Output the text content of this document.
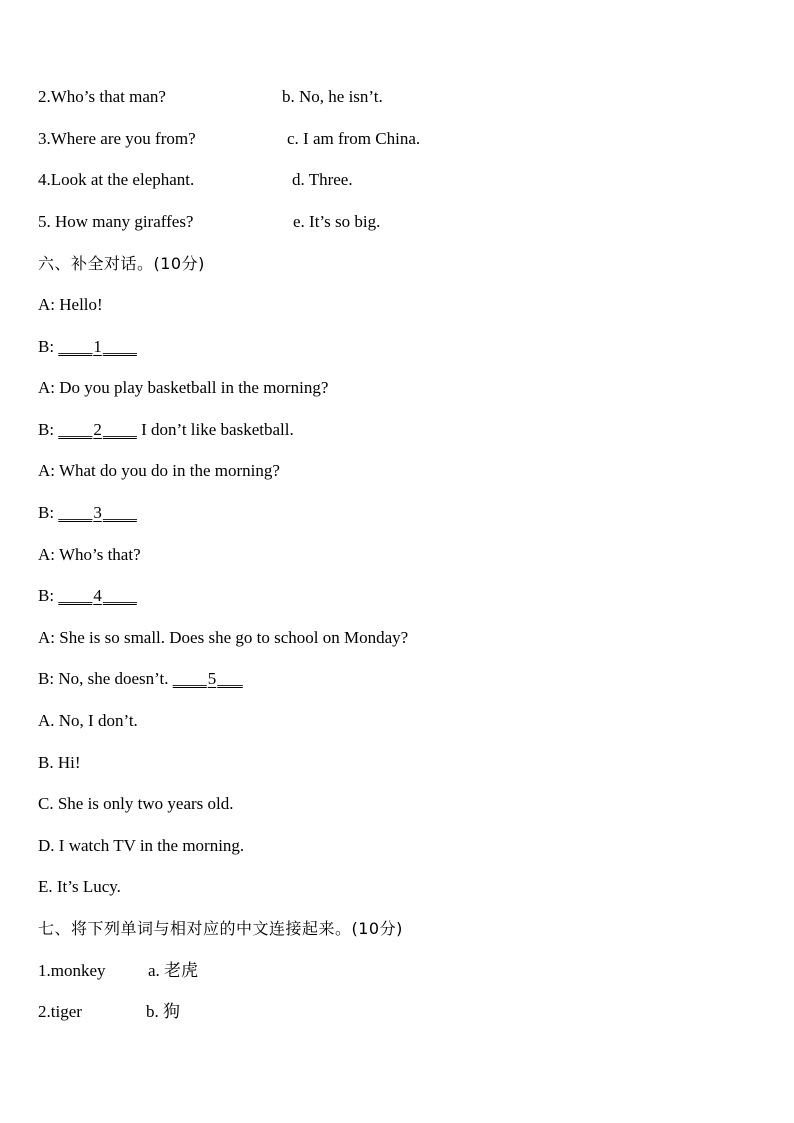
2.Who’s that man?	b. No, he isn’t.
3.Where are you from?	c. I am from China.
4.Look at the elephant.	d. Three.
5. How many giraffes?	e. It’s so big.
六、补全对话。(10分)
A: Hello!
B: ____1____
A: Do you play basketball in the morning?
B: ____2____ I don’t like basketball.
A: What do you do in the morning?
B: ____3____
A: Who’s that?
B: ____4____
A: She is so small. Does she go to school on Monday?
B: No, she doesn’t. ____5___
A. No, I don’t.
B. Hi!
C. She is only two years old.
D. I watch TV in the morning.
E. It’s Lucy.
七、将下列单词与相对应的中文连接起来。(10分)
1.monkey a. 老虎
2.tiger	b. 狗
